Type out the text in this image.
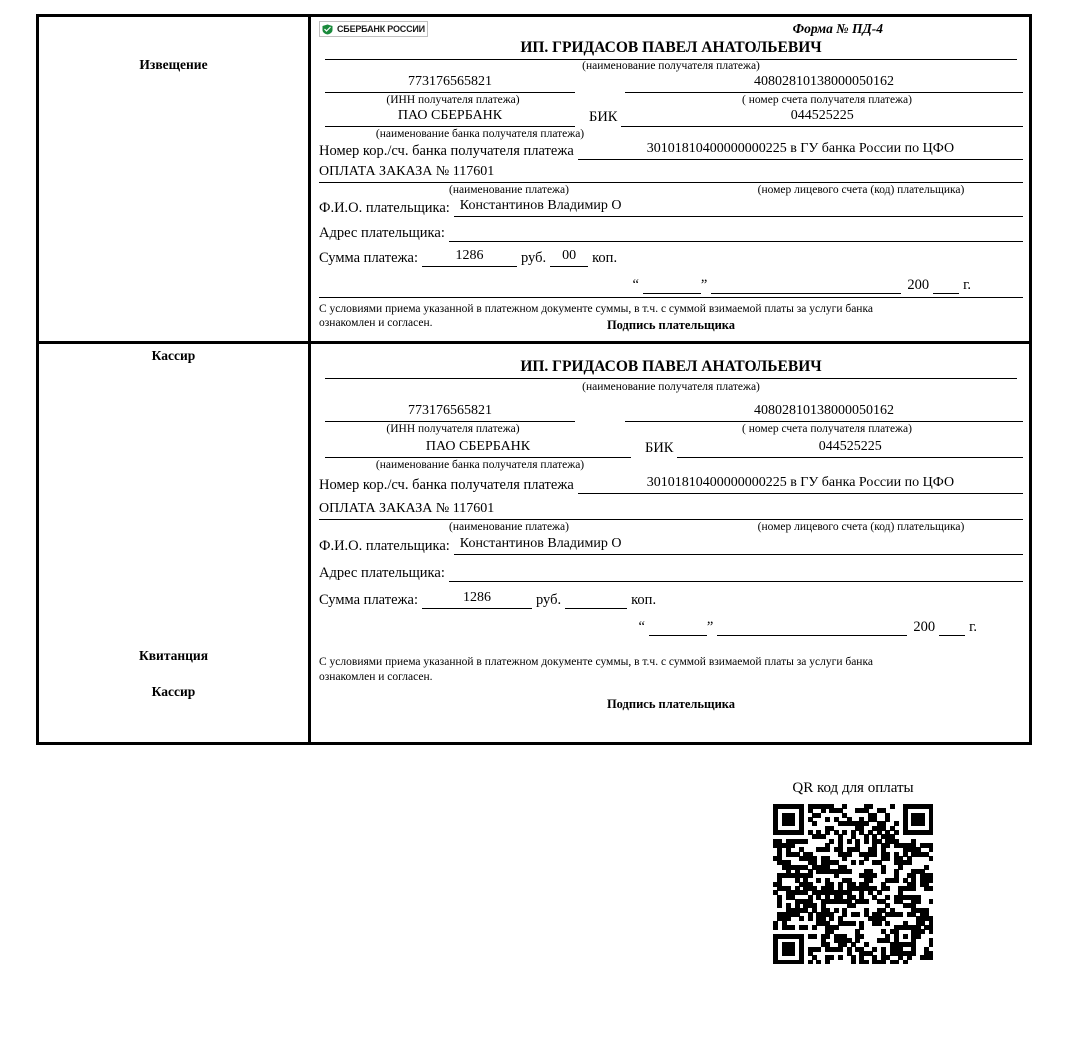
Извещение
Кассир
СБЕРБАНК РОССИИ	Форма № ПД-4
ИП. ГРИДАСОВ ПАВЕЛ АНАТОЛЬЕВИЧ
(наименование получателя платежа)
773176565821	40802810138000050162
(ИНН получателя платежа)	( номер счета получателя платежа)
ПАО СБЕРБАНК	БИК	044525225
(наименование банка получателя платежа)
Номер кор./сч. банка получателя платежа	30101810400000000225 в ГУ банка России по ЦФО
ОПЛАТА ЗАКАЗА № 117601
(наименование платежа)	(номер лицевого счета (код) плательщика)
Ф.И.О. плательщика: Константинов Владимир О
Адрес плательщика:
Сумма платежа:	1286	руб.	00	коп.
“	”	200 г.
С условиями приема указанной в платежном документе суммы, в т.ч. с суммой взимаемой платы за услуги банка
ознакомлен и согласен.	Подпись плательщика
Квитанция
Кассир
ИП. ГРИДАСОВ ПАВЕЛ АНАТОЛЬЕВИЧ
(наименование получателя платежа)
773176565821	40802810138000050162
(ИНН получателя платежа)	( номер счета получателя платежа)
ПАО СБЕРБАНК	БИК	044525225
(наименование банка получателя платежа)
Номер кор./сч. банка получателя платежа	30101810400000000225 в ГУ банка России по ЦФО
ОПЛАТА ЗАКАЗА № 117601
(наименование платежа)	(номер лицевого счета (код) плательщика)
Ф.И.О. плательщика: Константинов Владимир О
Адрес плательщика:
Сумма платежа:	1286	руб.	коп.
“	”	200 г.
С условиями приема указанной в платежном документе суммы, в т.ч. с суммой взимаемой платы за услуги банка
ознакомлен и согласен.
Подпись плательщика
QR код для оплаты
